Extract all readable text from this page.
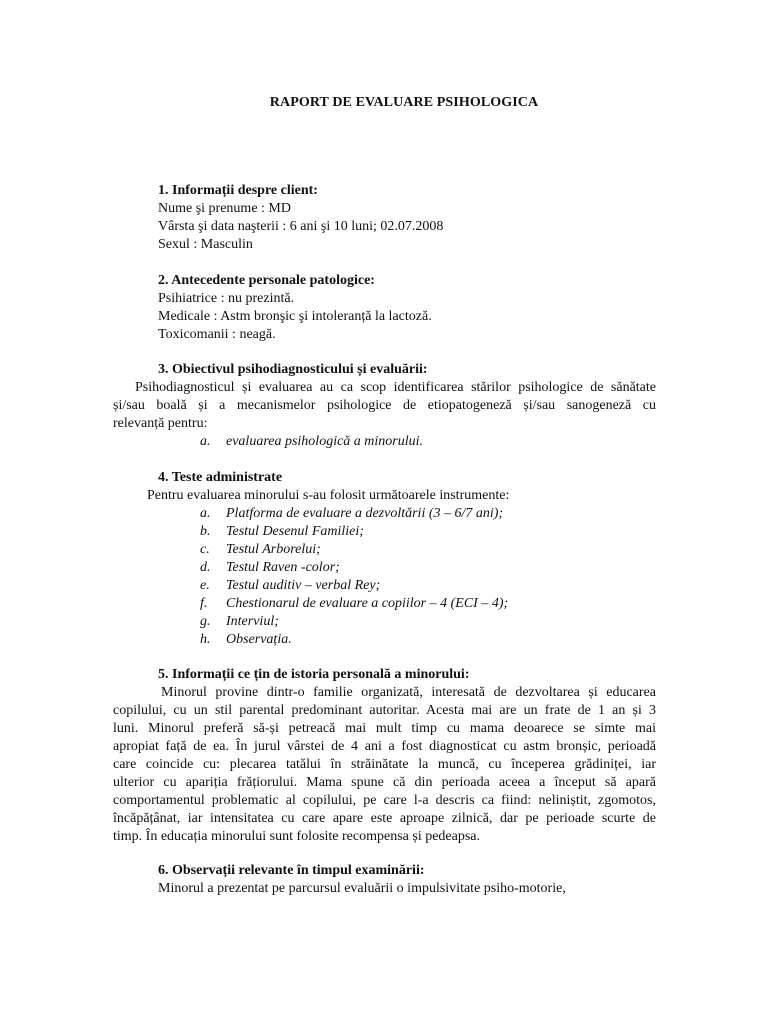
RAPORT DE EVALUARE PSIHOLOGICA
1. Informații despre client:
Nume şi prenume : MD
Vârsta şi data naşterii : 6 ani şi 10 luni; 02.07.2008
Sexul : Masculin
2. Antecedente personale patologice:
Psihiatrice : nu prezintă.
Medicale : Astm bronşic şi intoleranță la lactoză.
Toxicomanii : neagă.
3. Obiectivul psihodiagnosticului și evaluării:
Psihodiagnosticul și evaluarea au ca scop identificarea stărilor psihologice de sănătate
și/sau boală și a mecanismelor psihologice de etiopatogeneză și/sau sanogeneză cu
relevanță pentru:
a. evaluarea psihologică a minorului.
4. Teste administrate
Pentru evaluarea minorului s-au folosit următoarele instrumente:
a. Platforma de evaluare a dezvoltării (3 – 6/7 ani);
b. Testul Desenul Familiei;
c. Testul Arborelui;
d. Testul Raven -color;
e. Testul auditiv – verbal Rey;
f. Chestionarul de evaluare a copiilor – 4 (ECI – 4);
g. Interviul;
h. Observația.
5. Informații ce țin de istoria personală a minorului:
Minorul provine dintr-o familie organizată, interesată de dezvoltarea și educarea
copilului, cu un stil parental predominant autoritar. Acesta mai are un frate de 1 an și 3
luni. Minorul preferă să-și petreacă mai mult timp cu mama deoarece se simte mai
apropiat față de ea. În jurul vârstei de 4 ani a fost diagnosticat cu astm bronșic, perioadă
care coincide cu: plecarea tatălui în străinătate la muncă, cu începerea grădiniței, iar
ulterior cu apariția frățiorului. Mama spune că din perioada aceea a început să apară
comportamentul problematic al copilului, pe care l-a descris ca fiind: neliniștit, zgomotos,
încăpățânat, iar intensitatea cu care apare este aproape zilnică, dar pe perioade scurte de
timp. În educația minorului sunt folosite recompensa și pedeapsa.
6. Observații relevante în timpul examinării:
Minorul a prezentat pe parcursul evaluării o impulsivitate psiho-motorie,
